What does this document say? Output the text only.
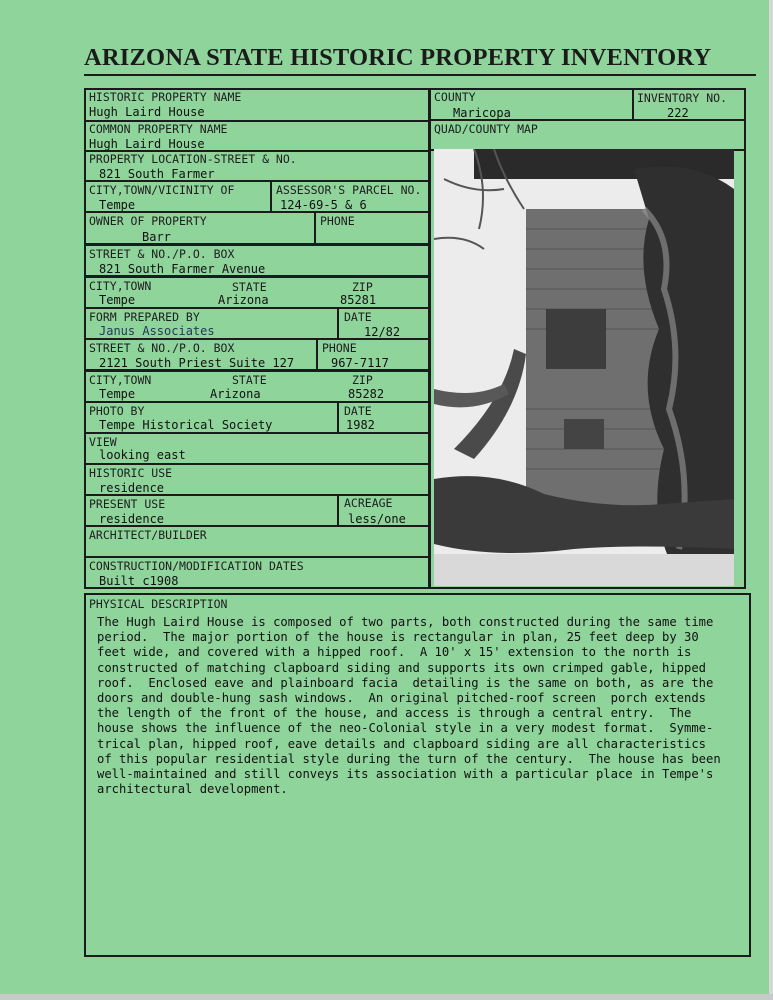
ARIZONA STATE HISTORIC PROPERTY INVENTORY
HISTORIC PROPERTY NAME
Hugh Laird House
COMMON PROPERTY NAME
Hugh Laird House
PROPERTY LOCATION-STREET & NO.
821 South Farmer
CITY,TOWN/VICINITY OF
Tempe
ASSESSOR'S PARCEL NO.
124-69-5 & 6
OWNER OF PROPERTY
Barr
PHONE
STREET & NO./P.O. BOX
821 South Farmer Avenue
CITY,TOWN
Tempe
STATE
Arizona
ZIP
85281
FORM PREPARED BY
Janus Associates
DATE
12/82
STREET & NO./P.O. BOX
2121 South Priest Suite 127
PHONE
967-7117
CITY,TOWN
Tempe
STATE
Arizona
ZIP
85282
PHOTO BY
Tempe Historical Society
DATE
1982
VIEW
looking east
HISTORIC USE
residence
PRESENT USE
residence
ACREAGE
less/one
ARCHITECT/BUILDER
CONSTRUCTION/MODIFICATION DATES
Built c1908
COUNTY
Maricopa
INVENTORY NO.
222
QUAD/COUNTY MAP
PHYSICAL DESCRIPTION
The Hugh Laird House is composed of two parts, both constructed during the same time
period.  The major portion of the house is rectangular in plan, 25 feet deep by 30
feet wide, and covered with a hipped roof.  A 10' x 15' extension to the north is
constructed of matching clapboard siding and supports its own crimped gable, hipped
roof.  Enclosed eave and plainboard facia  detailing is the same on both, as are the
doors and double-hung sash windows.  An original pitched-roof screen  porch extends
the length of the front of the house, and access is through a central entry.  The
house shows the influence of the neo-Colonial style in a very modest format.  Symme-
trical plan, hipped roof, eave details and clapboard siding are all characteristics
of this popular residential style during the turn of the century.  The house has been
well-maintained and still conveys its association with a particular place in Tempe's
architectural development.
